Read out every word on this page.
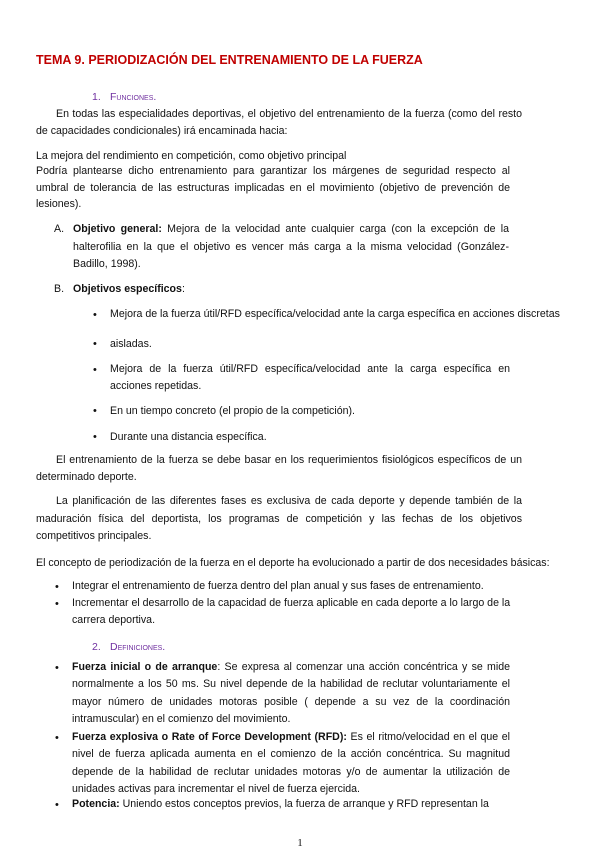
TEMA 9. PERIODIZACIÓN DEL ENTRENAMIENTO DE LA FUERZA
1. Funciones.
En todas las especialidades deportivas, el objetivo del entrenamiento de la fuerza (como del resto de capacidades condicionales) irá encaminada hacia:
La mejora del rendimiento en competición, como objetivo principal
Podría plantearse dicho entrenamiento para garantizar los márgenes de seguridad respecto al umbral de tolerancia de las estructuras implicadas en el movimiento (objetivo de prevención de lesiones).
A. Objetivo general: Mejora de la velocidad ante cualquier carga (con la excepción de la halterofilia en la que el objetivo es vencer más carga a la misma velocidad (González-Badillo, 1998).
B. Objetivos específicos:
• Mejora de la fuerza útil/RFD específica/velocidad ante la carga específica en acciones discretas
• aisladas.
• Mejora de la fuerza útil/RFD específica/velocidad ante la carga específica en acciones repetidas.
• En un tiempo concreto (el propio de la competición).
• Durante una distancia específica.
El entrenamiento de la fuerza se debe basar en los requerimientos fisiológicos específicos de un determinado deporte.
La planificación de las diferentes fases es exclusiva de cada deporte y depende también de la maduración física del deportista, los programas de competición y las fechas de los objetivos competitivos principales.
El concepto de periodización de la fuerza en el deporte ha evolucionado a partir de dos necesidades básicas:
• Integrar el entrenamiento de fuerza dentro del plan anual y sus fases de entrenamiento.
• Incrementar el desarrollo de la capacidad de fuerza aplicable en cada deporte a lo largo de la carrera deportiva.
2. Definiciones.
• Fuerza inicial o de arranque: Se expresa al comenzar una acción concéntrica y se mide normalmente a los 50 ms. Su nivel depende de la habilidad de reclutar voluntariamente el mayor número de unidades motoras posible ( depende a su vez de la coordinación intramuscular) en el comienzo del movimiento.
• Fuerza explosiva o Rate of Force Development (RFD): Es el ritmo/velocidad en el que el nivel de fuerza aplicada aumenta en el comienzo de la acción concéntrica. Su magnitud depende de la habilidad de reclutar unidades motoras y/o de aumentar la utilización de unidades activas para incrementar el nivel de fuerza ejercida.
• Potencia: Uniendo estos conceptos previos, la fuerza de arranque y RFD representan la
1
